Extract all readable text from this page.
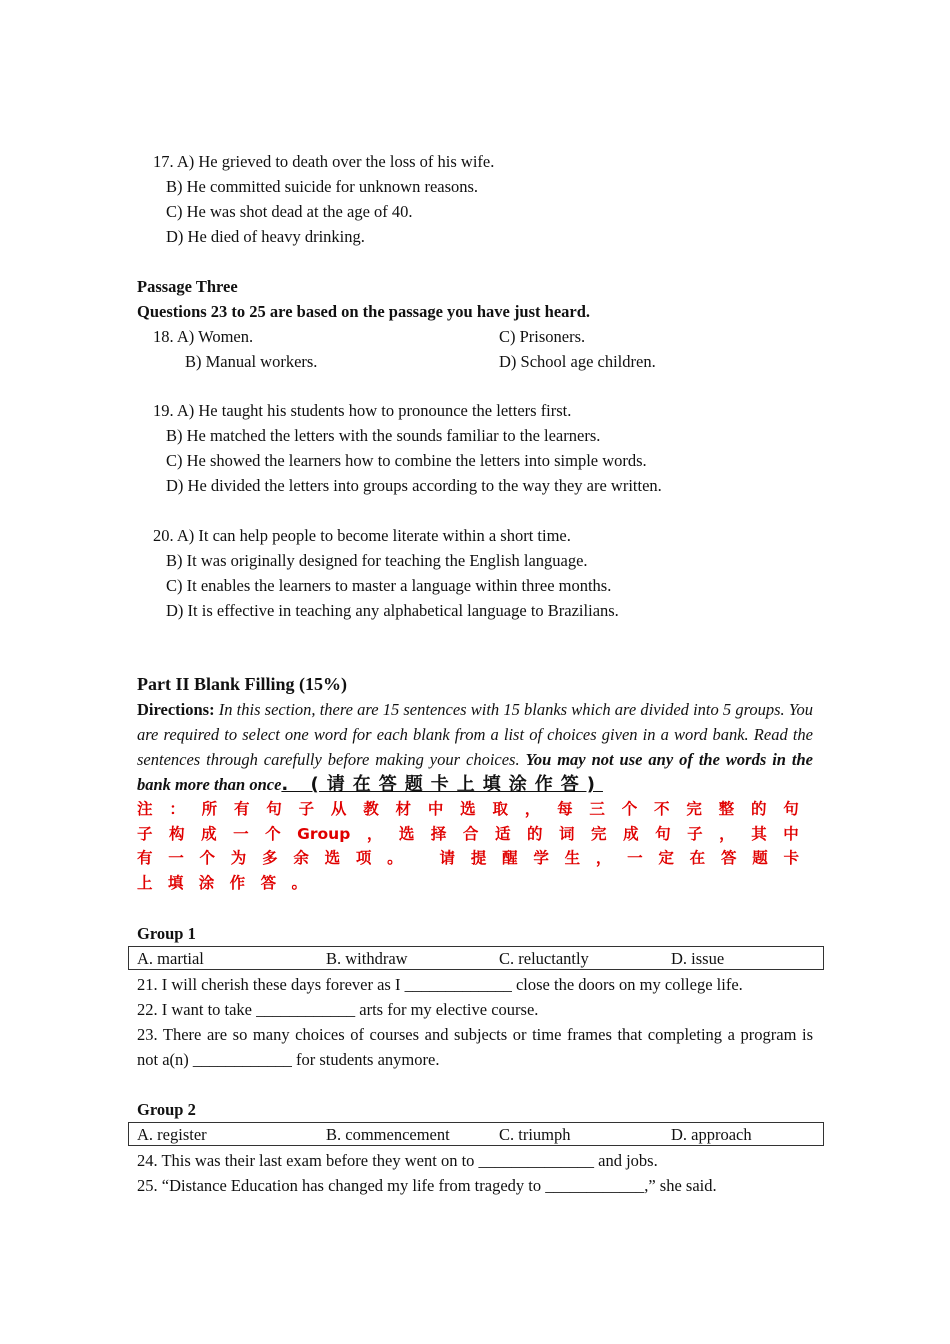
17. A) He grieved to death over the loss of his wife.
B) He committed suicide for unknown reasons.
C) He was shot dead at the age of 40.
D) He died of heavy drinking.
Passage Three
Questions 23 to 25 are based on the passage you have just heard.
18. A) Women.	C) Prisoners.
B) Manual workers.	D) School age children.
19. A) He taught his students how to pronounce the letters first.
B) He matched the letters with the sounds familiar to the learners.
C) He showed the learners how to combine the letters into simple words.
D) He divided the letters into groups according to the way they are written.
20. A) It can help people to become literate within a short time.
B) It was originally designed for teaching the English language.
C) It enables the learners to master a language within three months.
D) It is effective in teaching any alphabetical language to Brazilians.
Part II Blank Filling (15%)
Directions: In this section, there are 15 sentences with 15 blanks which are divided into 5 groups. You are required to select one word for each blank from a list of choices given in a word bank. Read the sentences through carefully before making your choices. You may not use any of the words in the bank more than once. (请在答题卡上填涂作答)
注 ： 所 有 句 子 从 教 材 中 选 取 ， 每 三 个 不 完 整 的 句
子 构 成 一 个 Group ， 选 择 合 适 的 词 完 成 句 子 ， 其 中
有 一 个 为 多 余 选 项 。
请 提 醒 学 生 ， 一 定 在 答 题 卡
上 填 涂 作 答 。
Group 1
A. martial	B. withdraw	C. reluctantly	D. issue
21. I will cherish these days forever as I _____________ close the doors on my college life.
22. I want to take ____________ arts for my elective course.
23. There are so many choices of courses and subjects or time frames that completing a program is not a(n) ____________ for students anymore.
Group 2
A. register	B. commencement	C. triumph	D. approach
24. This was their last exam before they went on to ______________ and jobs.
25. “Distance Education has changed my life from tragedy to ____________,” she said.
